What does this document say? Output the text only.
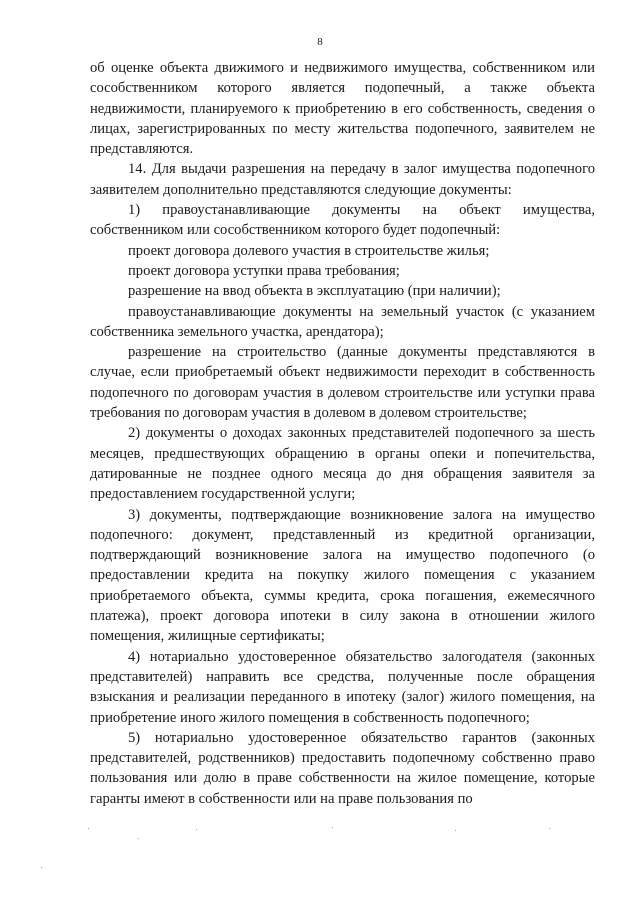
8

об оценке объекта движимого и недвижимого имущества, собственником или сособственником которого является подопечный, а также объекта недвижимости, планируемого к приобретению в его собственность, сведения о лицах, зарегистрированных по месту жительства подопечного, заявителем не представляются.

14. Для выдачи разрешения на передачу в залог имущества подопечного заявителем дополнительно представляются следующие документы:

1) правоустанавливающие документы на объект имущества, собственником или сособственником которого будет подопечный:

проект договора долевого участия в строительстве жилья;

проект договора уступки права требования;

разрешение на ввод объекта в эксплуатацию (при наличии);

правоустанавливающие документы на земельный участок (с указанием собственника земельного участка, арендатора);

разрешение на строительство (данные документы представляются в случае, если приобретаемый объект недвижимости переходит в собственность подопечного по договорам участия в долевом строительстве или уступки права требования по договорам участия в долевом в долевом строительстве;

2) документы о доходах законных представителей подопечного за шесть месяцев, предшествующих обращению в органы опеки и попечительства, датированные не позднее одного месяца до дня обращения заявителя за предоставлением государственной услуги;

3) документы, подтверждающие возникновение залога на имущество подопечного: документ, представленный из кредитной организации, подтверждающий возникновение залога на имущество подопечного (о предоставлении кредита на покупку жилого помещения с указанием приобретаемого объекта, суммы кредита, срока погашения, ежемесячного платежа), проект договора ипотеки в силу закона в отношении жилого помещения, жилищные сертификаты;

4) нотариально удостоверенное обязательство залогодателя (законных представителей) направить все средства, полученные после обращения взыскания и реализации переданного в ипотеку (залог) жилого помещения, на приобретение иного жилого помещения в собственность подопечного;

5) нотариально удостоверенное обязательство гарантов (законных представителей, родственников) предоставить подопечному собственно право пользования или долю в праве собственности на жилое помещение, которые гаранты имеют в собственности или на праве пользования по
